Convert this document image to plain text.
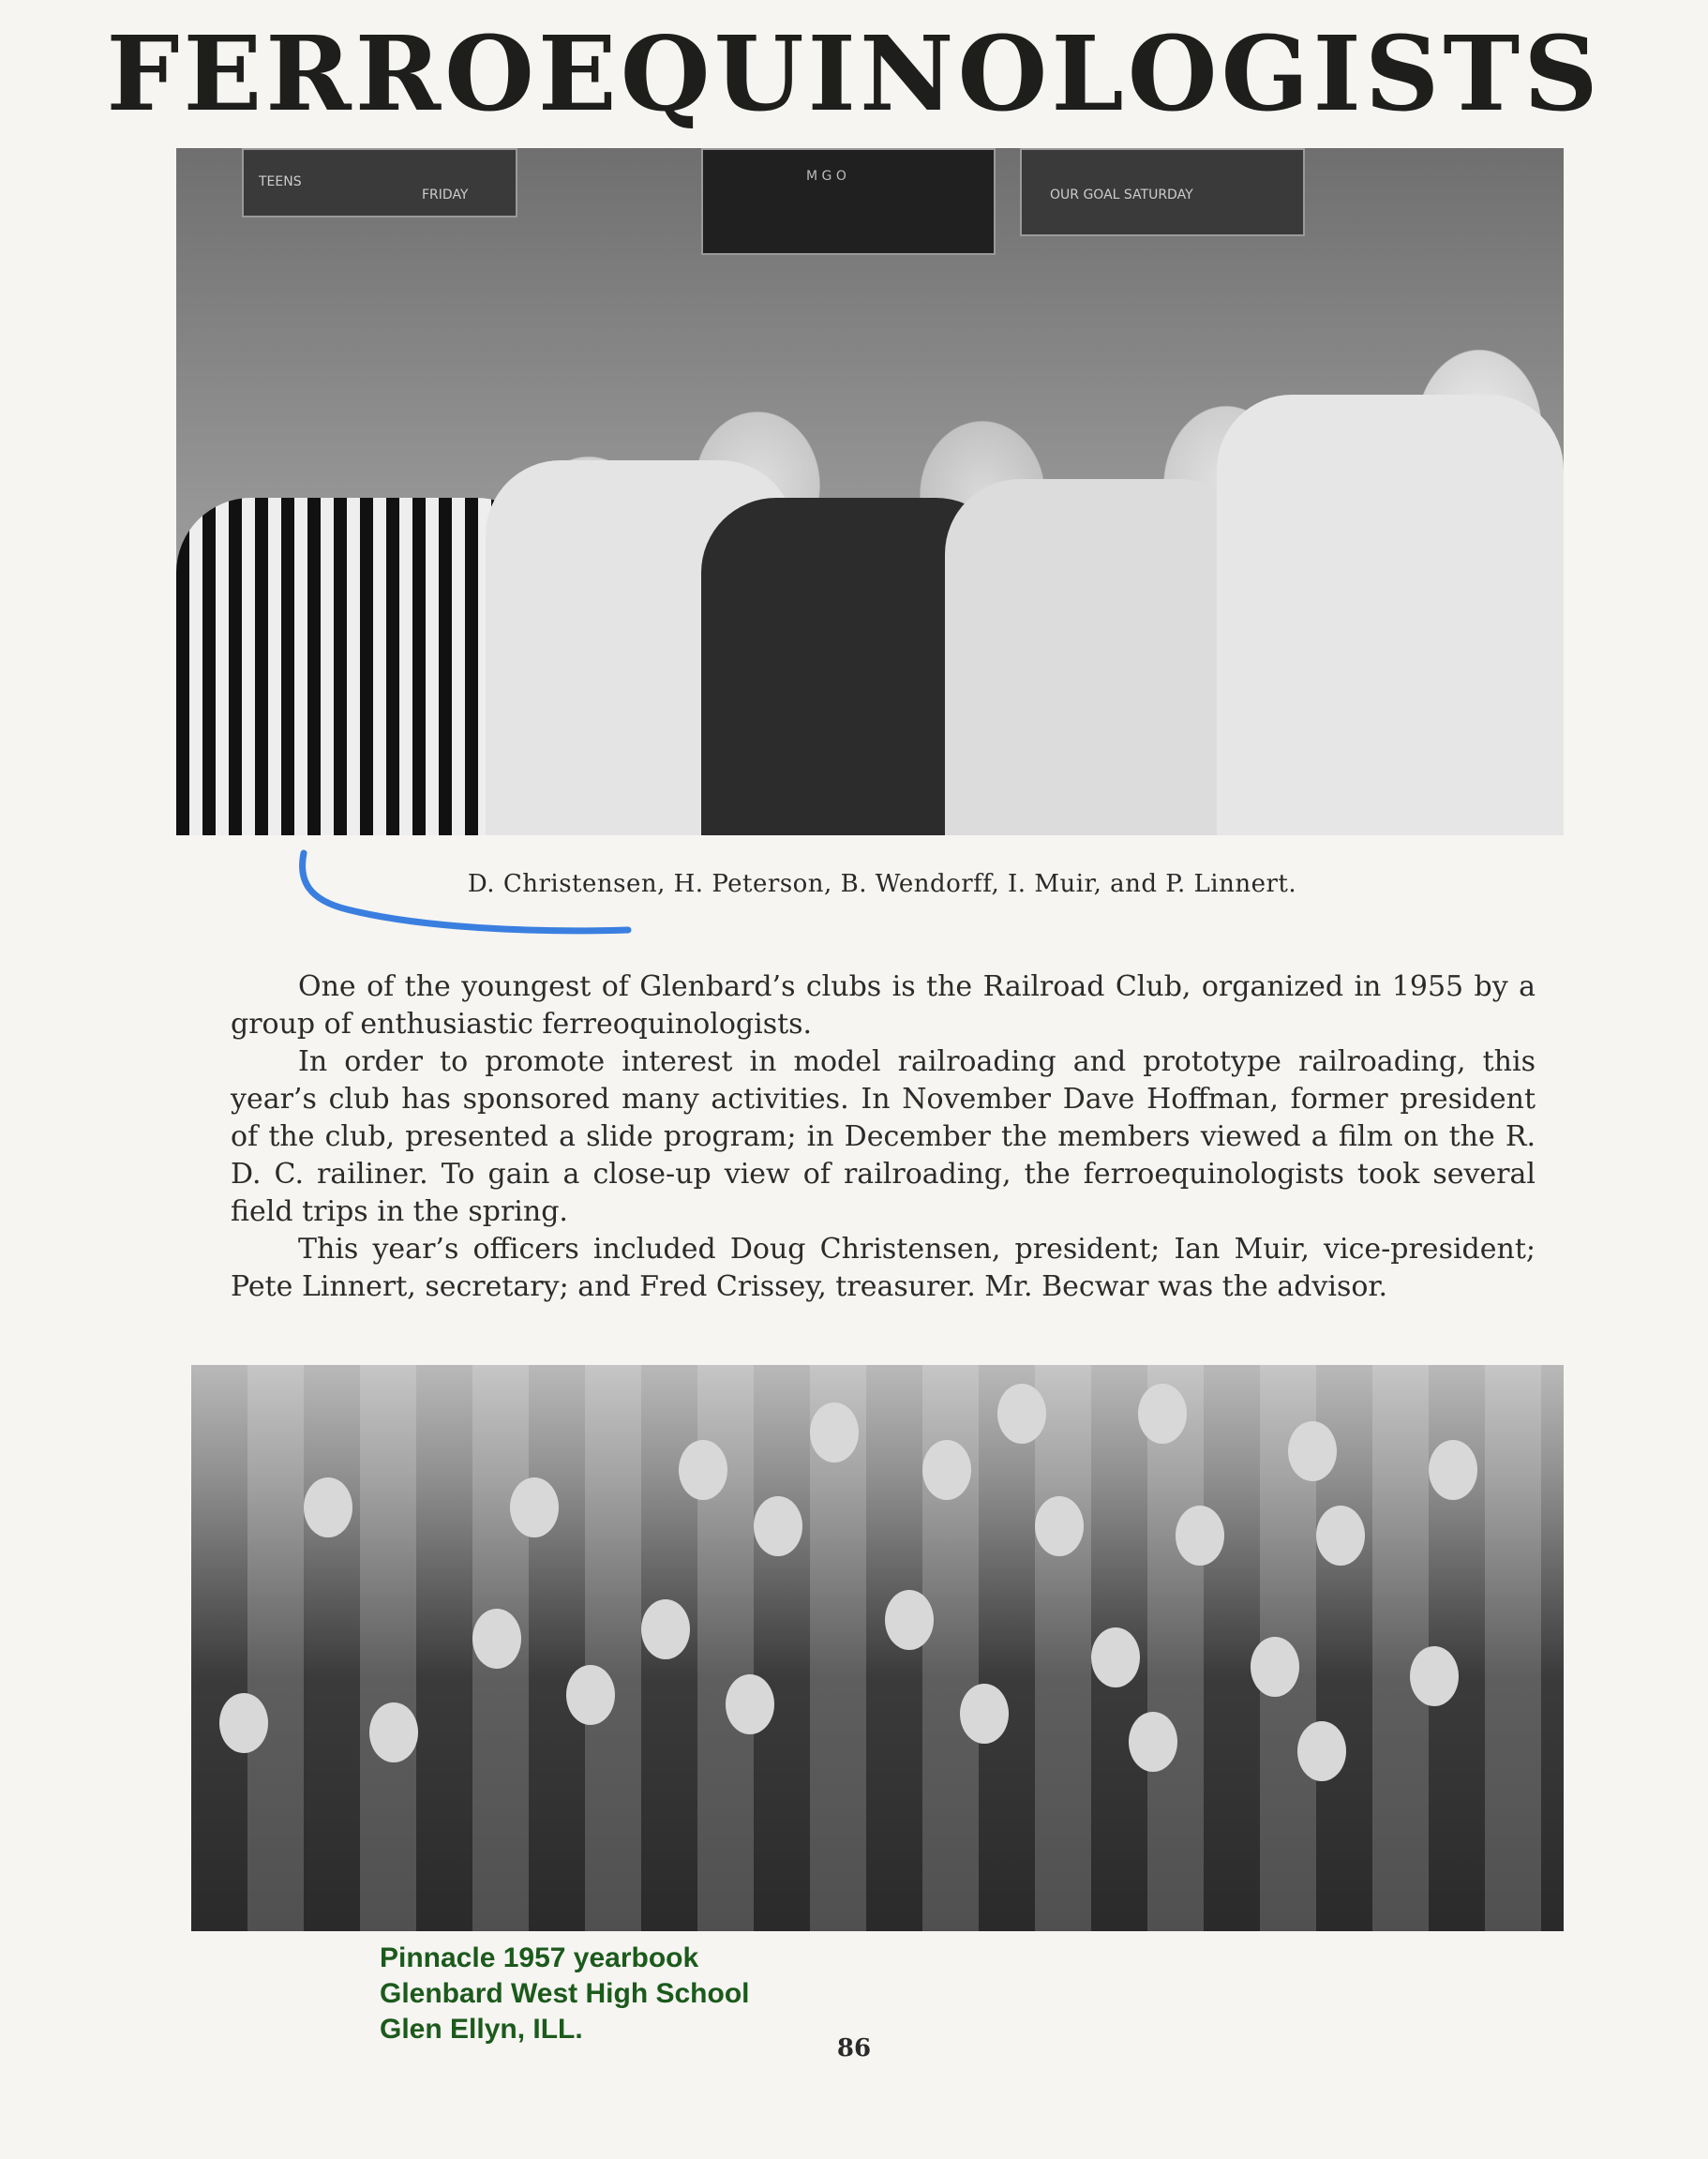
FERROEQUINOLOGISTS
TEENS
FRIDAY
M G O
OUR GOAL SATURDAY
D. Christensen, H. Peterson, B. Wendorff, I. Muir, and P. Linnert.

One of the youngest of Glenbard’s clubs is the Railroad Club, organized in 1955 by a group of enthusiastic ferreoquinologists.

In order to promote interest in model railroading and prototype railroading, this year’s club has sponsored many activities. In November Dave Hoffman, former president of the club, presented a slide program; in December the members viewed a film on the R. D. C. railiner. To gain a close-up view of railroading, the ferroequinologists took several field trips in the spring.

This year’s officers included Doug Christensen, president; Ian Muir, vice-president; Pete Linnert, secretary; and Fred Crissey, treasurer. Mr. Becwar was the advisor.

Pinnacle 1957 yearbook
Glenbard West High School
Glen Ellyn, ILL.
86
